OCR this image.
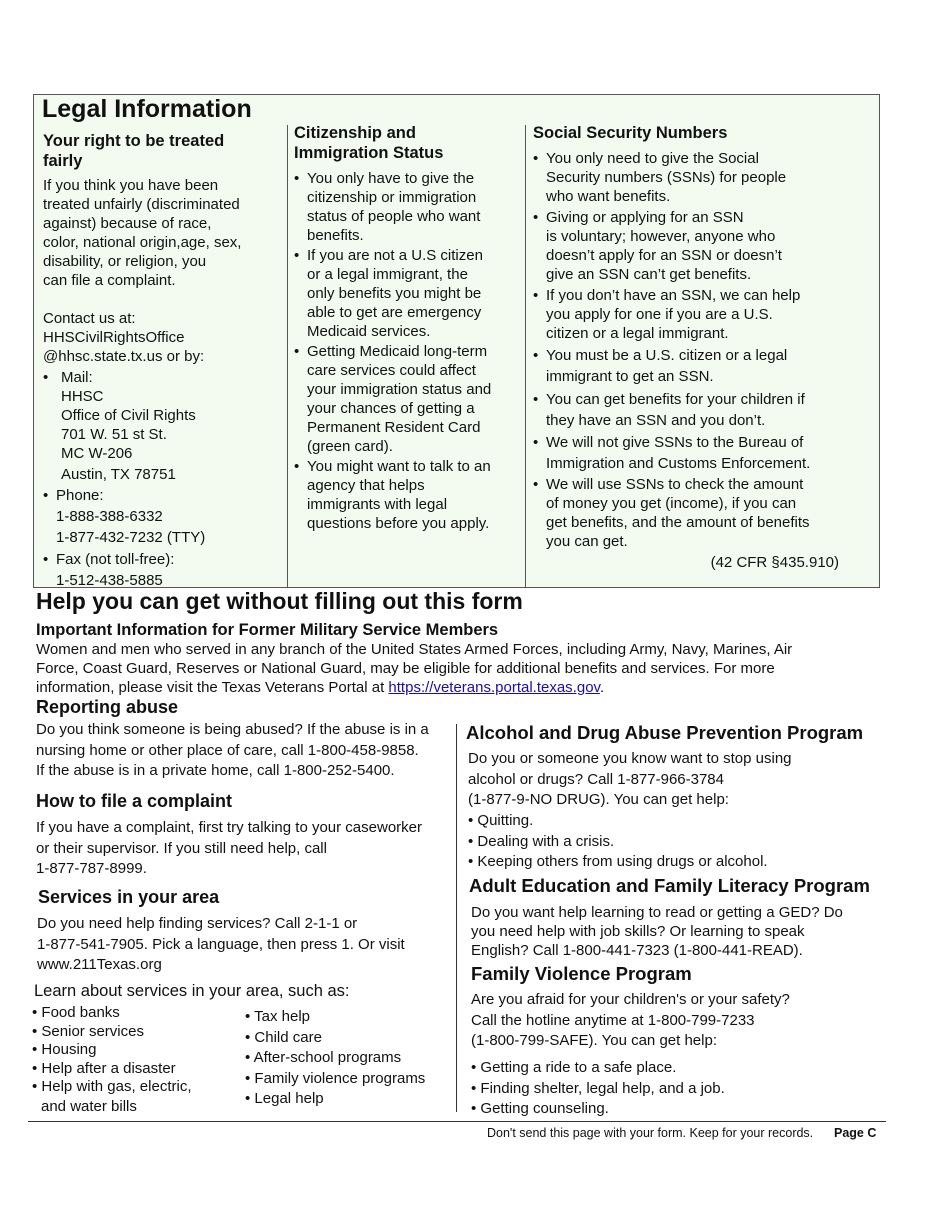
Legal Information
Your right to be treated fairly
If you think you have been
treated unfairly (discriminated
against) because of race,
color, national origin,age, sex,
disability, or religion, you
can file a complaint.
Contact us at:
HHSCivilRightsOffice
@hhsc.state.tx.us or by:
• Mail:
HHSC
Office of Civil Rights
701 W. 51 st St.
MC W-206
Austin, TX 78751
• Phone:
1-888-388-6332
1-877-432-7232 (TTY)
• Fax (not toll-free):
1-512-438-5885
Citizenship and
Immigration Status
• You only have to give the
citizenship or immigration
status of people who want
benefits.
• If you are not a U.S citizen
or a legal immigrant, the
only benefits you might be
able to get are emergency
Medicaid services.
• Getting Medicaid long-term
care services could affect
your immigration status and
your chances of getting a
Permanent Resident Card
(green card).
• You might want to talk to an
agency that helps
immigrants with legal
questions before you apply.
Social Security Numbers
• You only need to give the Social
Security numbers (SSNs) for people
who want benefits.
• Giving or applying for an SSN
is voluntary; however, anyone who
doesn’t apply for an SSN or doesn’t
give an SSN can’t get benefits.
• If you don’t have an SSN, we can help
you apply for one if you are a U.S.
citizen or a legal immigrant.
• You must be a U.S. citizen or a legal
immigrant to get an SSN.
• You can get benefits for your children if
they have an SSN and you don’t.
• We will not give SSNs to the Bureau of
Immigration and Customs Enforcement.
• We will use SSNs to check the amount
of money you get (income), if you can
get benefits, and the amount of benefits
you can get.
(42 CFR §435.910)
Help you can get without filling out this form
Important Information for Former Military Service Members
Women and men who served in any branch of the United States Armed Forces, including Army, Navy, Marines, Air
Force, Coast Guard, Reserves or National Guard, may be eligible for additional benefits and services. For more
information, please visit the Texas Veterans Portal at https://veterans.portal.texas.gov.
Reporting abuse
Do you think someone is being abused? If the abuse is in a
nursing home or other place of care, call 1-800-458-9858.
If the abuse is in a private home, call 1-800-252-5400.
How to file a complaint
If you have a complaint, first try talking to your caseworker
or their supervisor. If you still need help, call
1-877-787-8999.
Services in your area
Do you need help finding services? Call 2-1-1 or
1-877-541-7905. Pick a language, then press 1. Or visit
www.211Texas.org
Learn about services in your area, such as:
• Food banks
• Senior services
• Housing
• Help after a disaster
• Help with gas, electric,
and water bills
• Tax help
• Child care
• After-school programs
• Family violence programs
• Legal help
Alcohol and Drug Abuse Prevention Program
Do you or someone you know want to stop using
alcohol or drugs? Call 1-877-966-3784
(1-877-9-NO DRUG). You can get help:
• Quitting.
• Dealing with a crisis.
• Keeping others from using drugs or alcohol.
Adult Education and Family Literacy Program
Do you want help learning to read or getting a GED? Do
you need help with job skills? Or learning to speak
English? Call 1-800-441-7323 (1-800-441-READ).
Family Violence Program
Are you afraid for your children's or your safety?
Call the hotline anytime at 1-800-799-7233
(1-800-799-SAFE). You can get help:
• Getting a ride to a safe place.
• Finding shelter, legal help, and a job.
• Getting counseling.
Don't send this page with your form. Keep for your records. Page C
